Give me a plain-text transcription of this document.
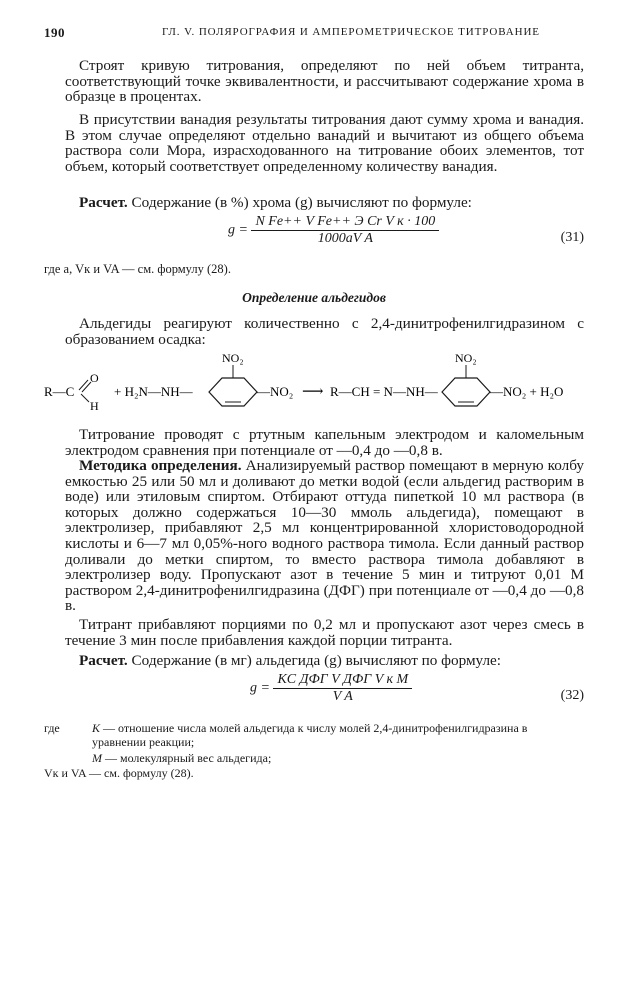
190	ГЛ. V. ПОЛЯРОГРАФИЯ И АМПЕРОМЕТРИЧЕСКОЕ ТИТРОВАНИЕ

Строят кривую титрования, определяют по ней объем титранта, соответствующий точке эквивалентности, и рассчитывают содержание хрома в образце в процентах.

В присутствии ванадия результаты титрования дают сумму хрома и ванадия. В этом случае определяют отдельно ванадий и вычитают из общего объема раствора соли Мора, израсходованного на титрование обоих элементов, тот объем, который соответствует определенному количеству ванадия.

Расчет. Содержание (в %) хрома (g) вычисляют по формуле:

$g = \frac{\text{N Fe++ V Fe++ Э Cr V к · 100}}{\text{1000aV A}}$	(31)
где a, Vк и VA — см. формулу (28).
Определение альдегидов

Альдегиды реагируют количественно с 2,4-динитрофенилгидразином с образованием осадка:

R—C
O
H
+ H₂N—NH—
NO₂
—NO₂ ⟶ R—CH = N—NH—
NO₂
—NO₂ + H₂O

Титрование проводят с ртутным капельным электродом и каломельным электродом сравнения при потенциале от —0,4 до —0,8 в.

Методика определения. Анализируемый раствор помещают в мерную колбу емкостью 25 или 50 мл и доливают до метки водой (если альдегид растворим в воде) или этиловым спиртом. Отбирают оттуда пипеткой 10 мл раствора (в которых должно содержаться 10—30 ммоль альдегида), помещают в электролизер, прибавляют 2,5 мл концентрированной хлористоводородной кислоты и 6—7 мл 0,05%-ного водного раствора тимола. Если данный раствор доливали до метки спиртом, то вместо раствора тимола добавляют в электролизер воду. Пропускают азот в течение 5 мин и титруют 0,01 М раствором 2,4-динитрофенилгидразина (ДФГ) при потенциале от —0,4 до —0,8 в.

Титрант прибавляют порциями по 0,2 мл и пропускают азот через смесь в течение 3 мин после прибавления каждой порции титранта.

Расчет. Содержание (в мг) альдегида (g) вычисляют по формуле:

$g = \frac{\text{KC ДФГ V ДФГ V к M}}{\text{V A}}$	(32)
где	K — отношение числа молей альдегида к числу молей 2,4-динитрофенилгидразина в уравнении реакции;
M — молекулярный вес альдегида;
Vк и VA — см. формулу (28).
